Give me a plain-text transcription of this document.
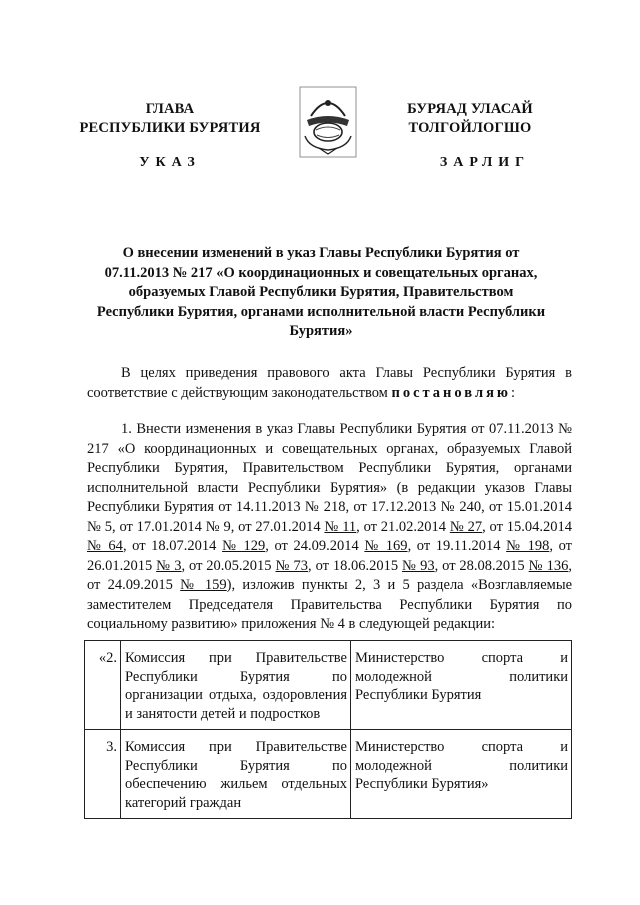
ГЛАВА
РЕСПУБЛИКИ БУРЯТИЯ
УКАЗ
БУРЯАД УЛАСАЙ
ТОЛГОЙЛОГШО
ЗАРЛИГ
О внесении изменений в указ Главы Республики Бурятия от 07.11.2013 № 217 «О координационных и совещательных органах, образуемых Главой Республики Бурятия, Правительством Республики Бурятия, органами исполнительной власти Республики Бурятия»
В целях приведения правового акта Главы Республики Бурятия в соответствие с действующим законодательством постановляю:
1. Внести изменения в указ Главы Республики Бурятия от 07.11.2013 № 217 «О координационных и совещательных органах, образуемых Главой Республики Бурятия, Правительством Республики Бурятия, органами исполнительной власти Республики Бурятия» (в редакции указов Главы Республики Бурятия от 14.11.2013 № 218, от 17.12.2013 № 240, от 15.01.2014 № 5, от 17.01.2014 № 9, от 27.01.2014 № 11, от 21.02.2014 № 27, от 15.04.2014 № 64, от 18.07.2014 № 129, от 24.09.2014 № 169, от 19.11.2014 № 198, от 26.01.2015 № 3, от 20.05.2015 № 73, от 18.06.2015 № 93, от 28.08.2015 № 136, от 24.09.2015 № 159), изложив пункты 2, 3 и 5 раздела «Возглавляемые заместителем Председателя Правительства Республики Бурятия по социальному развитию» приложения № 4 в следующей редакции:
«2.	Комиссия при Правительстве Республики Бурятия по организации отдыха, оздоровления и занятости детей и подростков	Министерство спорта и молодежной политики Республики Бурятия
3.	Комиссия при Правительстве Республики Бурятия по обеспечению жильем отдельных категорий граждан	Министерство спорта и молодежной политики Республики Бурятия»
